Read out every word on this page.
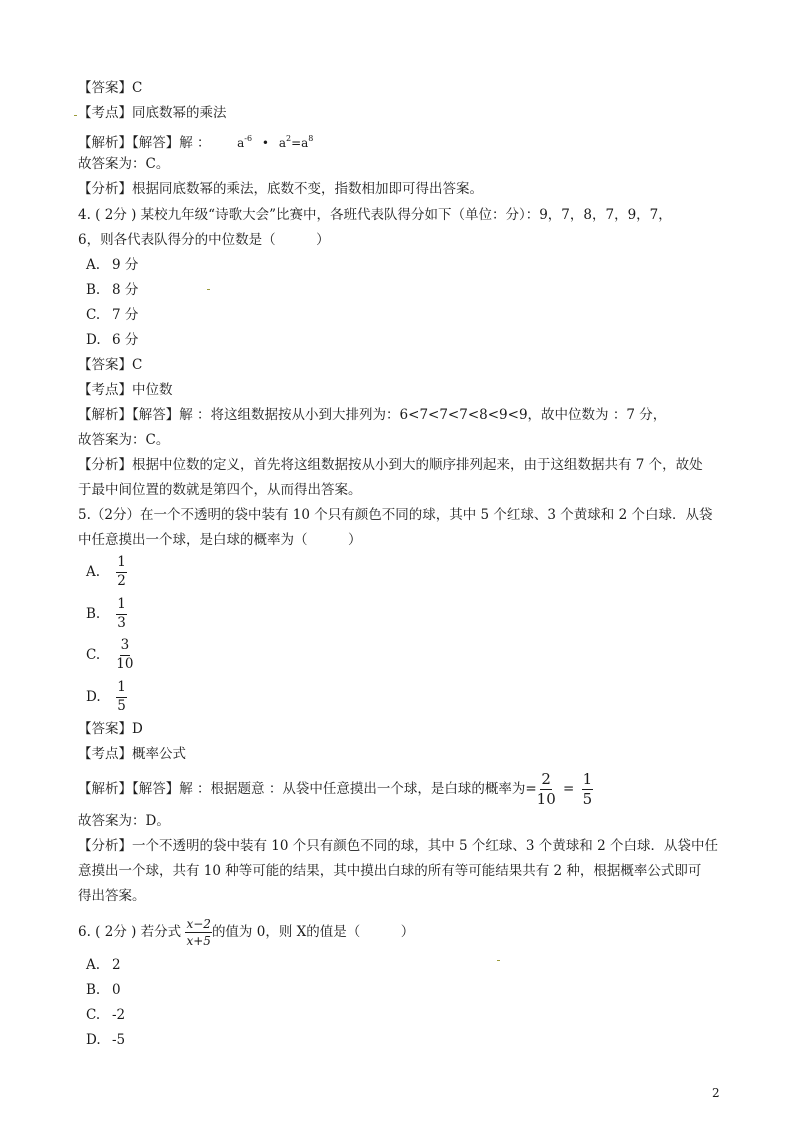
【答案】C
【考点】同底数幂的乘法
【解析】【解答】解 ： $a^{-6}$ • $a^2=a^8$
故答案为：C。
【分析】根据同底数幂的乘法，底数不变，指数相加即可得出答案。
4. ( 2分 ) 某校九年级“诗歌大会”比赛中，各班代表队得分如下（单位：分）：9，7，8，7，9，7，
6，则各代表队得分的中位数是（　　　）
A. 9 分
B. 8 分
C. 7 分
D. 6 分
【答案】C
【考点】中位数
【解析】【解答】解 ：将这组数据按从小到大排列为：6<7<7<7<8<9<9，故中位数为 ：7 分，
故答案为：C。
【分析】根据中位数的定义，首先将这组数据按从小到大的顺序排列起来，由于这组数据共有 7 个，故处
于最中间位置的数就是第四个，从而得出答案。
5.（2分）在一个不透明的袋中装有 10 个只有颜色不同的球，其中 5 个红球、3 个黄球和 2 个白球．从袋
中任意摸出一个球，是白球的概率为（　　　）
A. $\frac{1}{2}$
B. $\frac{1}{3}$
C. $\frac{3}{10}$
D. $\frac{1}{5}$
【答案】D
【考点】概率公式
【解析】【解答】解 ：根据题意 ：从袋中任意摸出一个球，是白球的概率为= $\frac{2}{10} = \frac{1}{5}$
故答案为：D。
【分析】一个不透明的袋中装有 10 个只有颜色不同的球，其中 5 个红球、3 个黄球和 2 个白球．从袋中任
意摸出一个球，共有 10 种等可能的结果，其中摸出白球的所有等可能结果共有 2 种，根据概率公式即可
得出答案。
6. ( 2分 ) 若分式 $\frac{x-2}{x+5}$ 的值为 0，则 X的值是（　　　）
A. 2
B. 0
C. -2
D. -5
2
